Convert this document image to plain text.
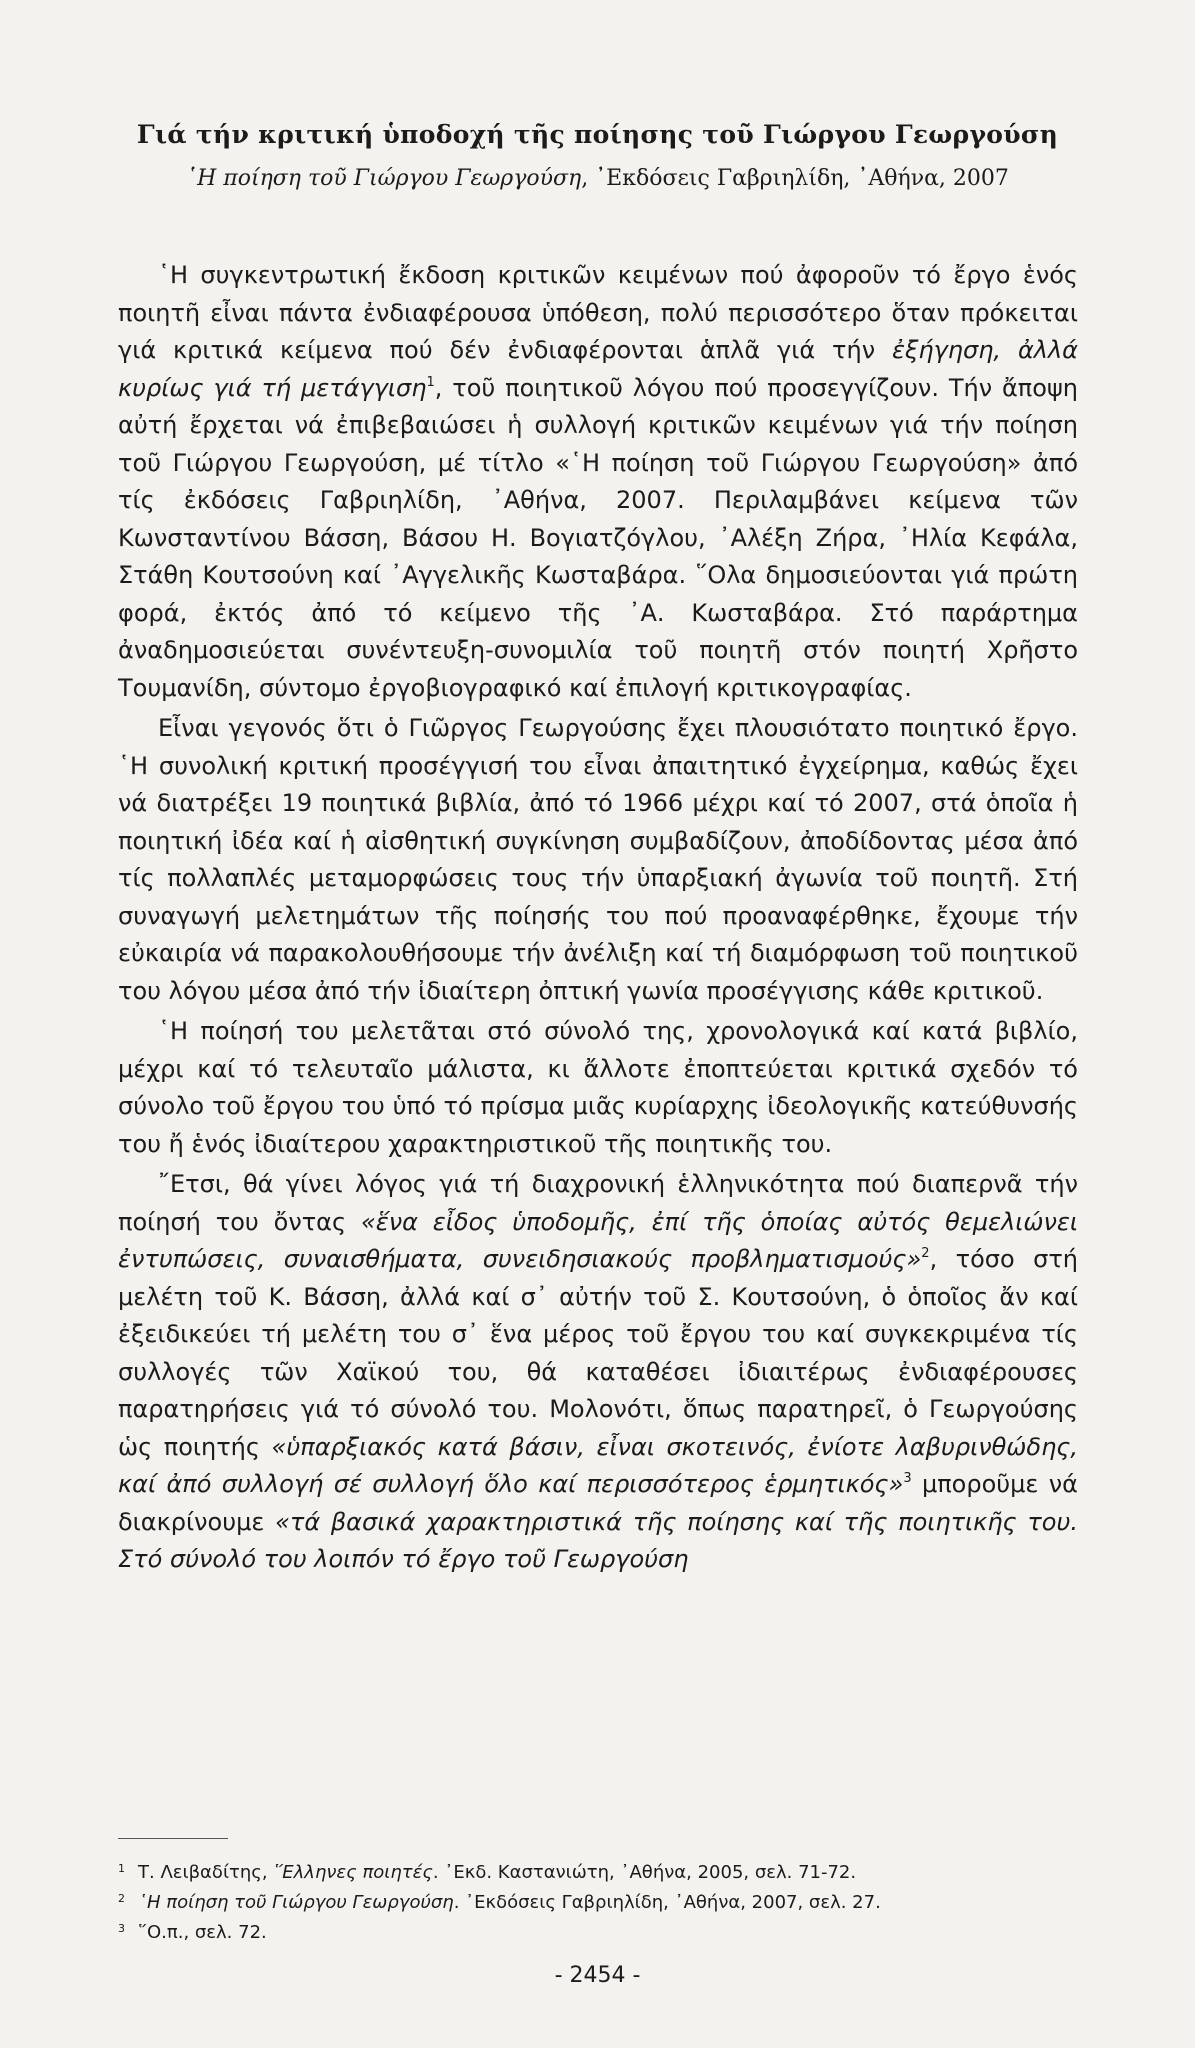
Γιά τήν κριτική ὑποδοχή τῆς ποίησης τοῦ Γιώργου Γεωργούση
῾Η ποίηση τοῦ Γιώργου Γεωργούση, ᾿Εκδόσεις Γαβριηλίδη, ᾿Αθήνα, 2007

῾Η συγκεντρωτική ἔκδοση κριτικῶν κειμένων πού ἀφοροῦν τό ἔργο ἑνός ποιητῆ εἶναι πάντα ἐνδιαφέρουσα ὑπόθεση, πολύ περισσότερο ὅταν πρόκειται γιά κριτικά κείμενα πού δέν ἐνδιαφέρονται ἁπλᾶ γιά τήν ἐξήγηση, ἀλλά κυρίως γιά τή μετάγγιση$^1$, τοῦ ποιητικοῦ λόγου πού προσεγγίζουν. Τήν ἄποψη αὐτή ἔρχεται νά ἐπιβεβαιώσει ἡ συλλογή κριτικῶν κειμένων γιά τήν ποίηση τοῦ Γιώργου Γεωργούση, μέ τίτλο «῾Η ποίηση τοῦ Γιώργου Γεωργούση» ἀπό τίς ἐκδόσεις Γαβριηλίδη, ᾿Αθήνα, 2007. Περιλαμβάνει κείμενα τῶν Κωνσταντίνου Βάσση, Βάσου Η. Βογιατζόγλου, ᾿Αλέξη Ζήρα, ᾿Ηλία Κεφάλα, Στάθη Κουτσούνη καί ᾿Αγγελικῆς Κωσταβάρα. ῞Ολα δημοσιεύονται γιά πρώτη φορά, ἐκτός ἀπό τό κείμενο τῆς ᾿Α. Κωσταβάρα. Στό παράρτημα ἀναδημοσιεύεται συνέντευξη-συνομιλία τοῦ ποιητῆ στόν ποιητή Χρῆστο Τουμανίδη, σύντομο ἐργοβιογραφικό καί ἐπιλογή κριτικογραφίας.

Εἶναι γεγονός ὅτι ὁ Γιῶργος Γεωργούσης ἔχει πλουσιότατο ποιητικό ἔργο. ῾Η συνολική κριτική προσέγγισή του εἶναι ἀπαιτητικό ἐγχείρημα, καθώς ἔχει νά διατρέξει 19 ποιητικά βιβλία, ἀπό τό 1966 μέχρι καί τό 2007, στά ὁποῖα ἡ ποιητική ἰδέα καί ἡ αἰσθητική συγκίνηση συμβαδίζουν, ἀποδίδοντας μέσα ἀπό τίς πολλαπλές μεταμορφώσεις τους τήν ὑπαρξιακή ἀγωνία τοῦ ποιητῆ. Στή συναγωγή μελετημάτων τῆς ποίησής του πού προαναφέρθηκε, ἔχουμε τήν εὐκαιρία νά παρακολουθήσουμε τήν ἀνέλιξη καί τή διαμόρφωση τοῦ ποιητικοῦ του λόγου μέσα ἀπό τήν ἰδιαίτερη ὀπτική γωνία προσέγγισης κάθε κριτικοῦ.

῾Η ποίησή του μελετᾶται στό σύνολό της, χρονολογικά καί κατά βιβλίο, μέχρι καί τό τελευταῖο μάλιστα, κι ἄλλοτε ἐποπτεύεται κριτικά σχεδόν τό σύνολο τοῦ ἔργου του ὑπό τό πρίσμα μιᾶς κυρίαρχης ἰδεολογικῆς κατεύθυνσής του ἤ ἑνός ἰδιαίτερου χαρακτηριστικοῦ τῆς ποιητικῆς του.

῎Ετσι, θά γίνει λόγος γιά τή διαχρονική ἑλληνικότητα πού διαπερνᾶ τήν ποίησή του ὄντας «ἕνα εἶδος ὑποδομῆς, ἐπί τῆς ὁποίας αὐτός θεμελιώνει ἐντυπώσεις, συναισθήματα, συνειδησιακούς προβληματισμούς»$^2$, τόσο στή μελέτη τοῦ Κ. Βάσση, ἀλλά καί σ᾿ αὐτήν τοῦ Σ. Κουτσούνη, ὁ ὁποῖος ἄν καί ἐξειδικεύει τή μελέτη του σ᾿ ἕνα μέρος τοῦ ἔργου του καί συγκεκριμένα τίς συλλογές τῶν Χαϊκού του, θά καταθέσει ἰδιαιτέρως ἐνδιαφέρουσες παρατηρήσεις γιά τό σύνολό του. Μολονότι, ὅπως παρατηρεῖ, ὁ Γεωργούσης ὡς ποιητής «ὑπαρξιακός κατά βάσιν, εἶναι σκοτεινός, ἐνίοτε λαβυρινθώδης, καί ἀπό συλλογή σέ συλλογή ὅλο καί περισσότερος ἑρμητικός»$^3$ μποροῦμε νά διακρίνουμε «τά βασικά χαρακτηριστικά τῆς ποίησης καί τῆς ποιητικῆς του. Στό σύνολό του λοιπόν τό ἔργο τοῦ Γεωργούση

1 Τ. Λειβαδίτης, ῞Ελληνες ποιητές. ᾿Εκδ. Καστανιώτη, ᾿Αθήνα, 2005, σελ. 71-72.
2 ῾Η ποίηση τοῦ Γιώργου Γεωργούση. ᾿Εκδόσεις Γαβριηλίδη, ᾿Αθήνα, 2007, σελ. 27.
3 ῞Ο.π., σελ. 72.
- 2454 -
